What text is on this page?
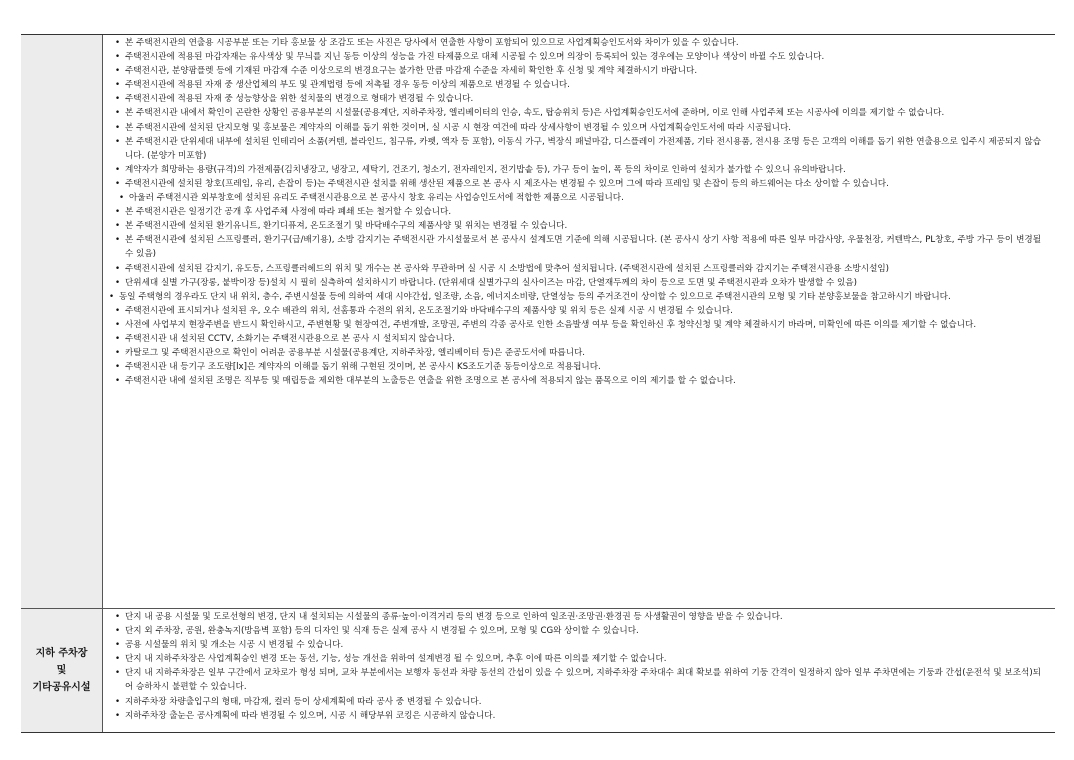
• 본 주택전시관의 연출용 시공부분 또는 기타 홍보물 상 조감도 또는 사진은 당사에서 연출한 사항이 포함되어 있으므로 사업계획승인도서와 차이가 있을 수 있습니다.
• 주택전시관에 적용된 마감자재는 유사색상 및 무늬를 지닌 동등 이상의 성능을 가진 타제품으로 대체 시공될 수 있으며 의장이 등록되어 있는 경우에는 모양이나 색상이 바뀔 수도 있습니다.
• 주택전시관, 분양팜플렛 등에 기재된 마감재 수준 이상으로의 변경요구는 불가한 만큼 마감재 수준을 자세히 확인한 후 신청 및 계약 체결하시기 바랍니다.
• 주택전시관에 적용된 자재 중 생산업체의 부도 및 관계법령 등에 저촉될 경우 동등 이상의 제품으로 변경될 수 있습니다.
• 주택전시관에 적용된 자재 중 성능향상을 위한 설치물의 변경으로 형태가 변경될 수 있습니다.
• 본 주택전시관 내에서 확인이 곤란한 상황인 공용부분의 시설물(공용계단, 지하주차장, 엘리베이터의 인승, 속도, 탑승위치 등)은 사업계획승인도서에 준하며, 이로 인해 사업주체 또는 시공사에 이의를 제기할 수 없습니다.
• 본 주택전시관에 설치된 단지모형 및 홍보물은 계약자의 이해를 돕기 위한 것이며, 실 시공 시 현장 여건에 따라 상세사항이 변경될 수 있으며 사업계획승인도서에 따라 시공됩니다.
• 본 주택전시관 단위세대 내부에 설치된 인테리어 소품(커텐, 블라인드, 침구류, 카펫, 액자 등 포함), 이동식 가구, 벽장식 패널마감, 디스플레이 가전제품, 기타 전시용품, 전시용 조명 등은 고객의 이해를 돕기 위한 연출용으로 입주시 제공되지 않습니다. (분양가 미포함)
• 계약자가 희망하는 용량(규격)의 가전제품(김치냉장고, 냉장고, 세탁기, 건조기, 청소기, 전자레인지, 전기밥솥 등), 가구 등이 높이, 폭 등의 차이로 인하여 설치가 불가할 수 있으니 유의바랍니다.
• 주택전시관에 설치된 창호(프레임, 유리, 손잡이 등)는 주택전시관 설치를 위해 생산된 제품으로 본 공사 시 제조사는 변경될 수 있으며 그에 따라 프레임 및 손잡이 등의 하드웨어는 다소 상이할 수 있습니다.
• 아울러 주택전시관 외부창호에 설치된 유리도 주택전시관용으로 본 공사시 창호 유리는 사업승인도서에 적합한 제품으로 시공됩니다.
• 본 주택전시관은 일정기간 공개 후 사업주체 사정에 따라 폐쇄 또는 철거할 수 있습니다.
• 본 주택전시관에 설치된 환기유니트, 환기디퓨져, 온도조절기 및 바닥배수구의 제품사양 및 위치는 변경될 수 있습니다.
• 본 주택전시관에 설치된 스프링클러, 환기구(급/배기용), 소방 감지기는 주택전시관 가시설물로서 본 공사시 설계도면 기준에 의해 시공됩니다. (본 공사시 상기 사항 적용에 따른 일부 마감사양, 우물천장, 커텐박스, PL창호, 주방 가구 등이 변경될 수 있음)
• 주택전시관에 설치된 감지기, 유도등, 스프링클러헤드의 위치 및 개수는 본 공사와 무관하며 실 시공 시 소방법에 맞추어 설치됩니다. (주택전시관에 설치된 스프링클러와 감지기는 주택전시관용 소방시설임)
• 단위세대 실별 가구(장롱, 붙박이장 등)설치 시 필히 실측하여 설치하시기 바랍니다. (단위세대 실별가구의 실사이즈는 마감, 단열재두께의 차이 등으로 도면 및 주택전시관과 오차가 발생할 수 있음)
• 동일 주택형의 경우라도 단지 내 위치, 층수, 주변시설물 등에 의하여 세대 시야간섭, 일조량, 소음, 에너지소비량, 단열성능 등의 주거조건이 상이할 수 있으므로 주택전시관의 모형 및 기타 분양홍보물을 참고하시기 바랍니다.
• 주택전시관에 표시되거나 설치된 우, 오수 배관의 위치, 선홈통과 수전의 위치, 온도조절기와 바닥배수구의 제품사양 및 위치 등은 실제 시공 시 변경될 수 있습니다.
• 사전에 사업부지 현장주변을 반드시 확인하시고, 주변현황 및 현장여건, 주변개발, 조망권, 주변의 각종 공사로 인한 소음발생 여부 등을 확인하신 후 청약신청 및 계약 체결하시기 바라며, 미확인에 따른 이의를 제기할 수 없습니다.
• 주택전시관 내 설치된 CCTV, 소화기는 주택전시관용으로 본 공사 시 설치되지 않습니다.
• 카탈로그 및 주택전시관으로 확인이 어려운 공용부분 시설물(공용계단, 지하주차장, 엘리베이터 등)은 준공도서에 따릅니다.
• 주택전시관 내 등기구 조도량[lx]은 계약자의 이해를 돕기 위해 구현된 것이며, 본 공사시 KS조도기준 동등이상으로 적용됩니다.
• 주택전시관 내에 설치된 조명은 직부등 및 매립등을 제외한 대부분의 노출등은 연출을 위한 조명으로 본 공사에 적용되지 않는 품목으로 이의 제기를 할 수 없습니다.
지하 주차장
및
기타공유시설
• 단지 내 공용 시설물 및 도로선형의 변경, 단지 내 설치되는 시설물의 종류·높이·이격거리 등의 변경 등으로 인하여 일조권·조망권·환경권 등 사생활권이 영향을 받을 수 있습니다.
• 단지 외 주차장, 공원, 완충녹지(방음벽 포함) 등의 디자인 및 식재 등은 실제 공사 시 변경될 수 있으며, 모형 및 CG와 상이할 수 있습니다.
• 공용 시설물의 위치 및 개소는 시공 시 변경될 수 있습니다.
• 단지 내 지하주차장은 사업계획승인 변경 또는 동선, 기능, 성능 개선을 위하여 설계변경 될 수 있으며, 추후 이에 따른 이의를 제기할 수 없습니다.
• 단지 내 지하주차장은 일부 구간에서 교차로가 형성 되며, 교차 부분에서는 보행자 동선과 차량 동선의 간섭이 있을 수 있으며, 지하주차장 주차대수 최대 확보를 위하여 기둥 간격이 일정하지 않아 일부 주차면에는 기둥과 간섭(운전석 및 보조석)되어 승하차시 불편할 수 있습니다.
• 지하주차장 차량출입구의 형태, 마감재, 컬러 등이 상세계획에 따라 공사 중 변경될 수 있습니다.
• 지하주차장 출눈은 공사계획에 따라 변경될 수 있으며, 시공 시 해당부위 코킹은 시공하지 않습니다.
